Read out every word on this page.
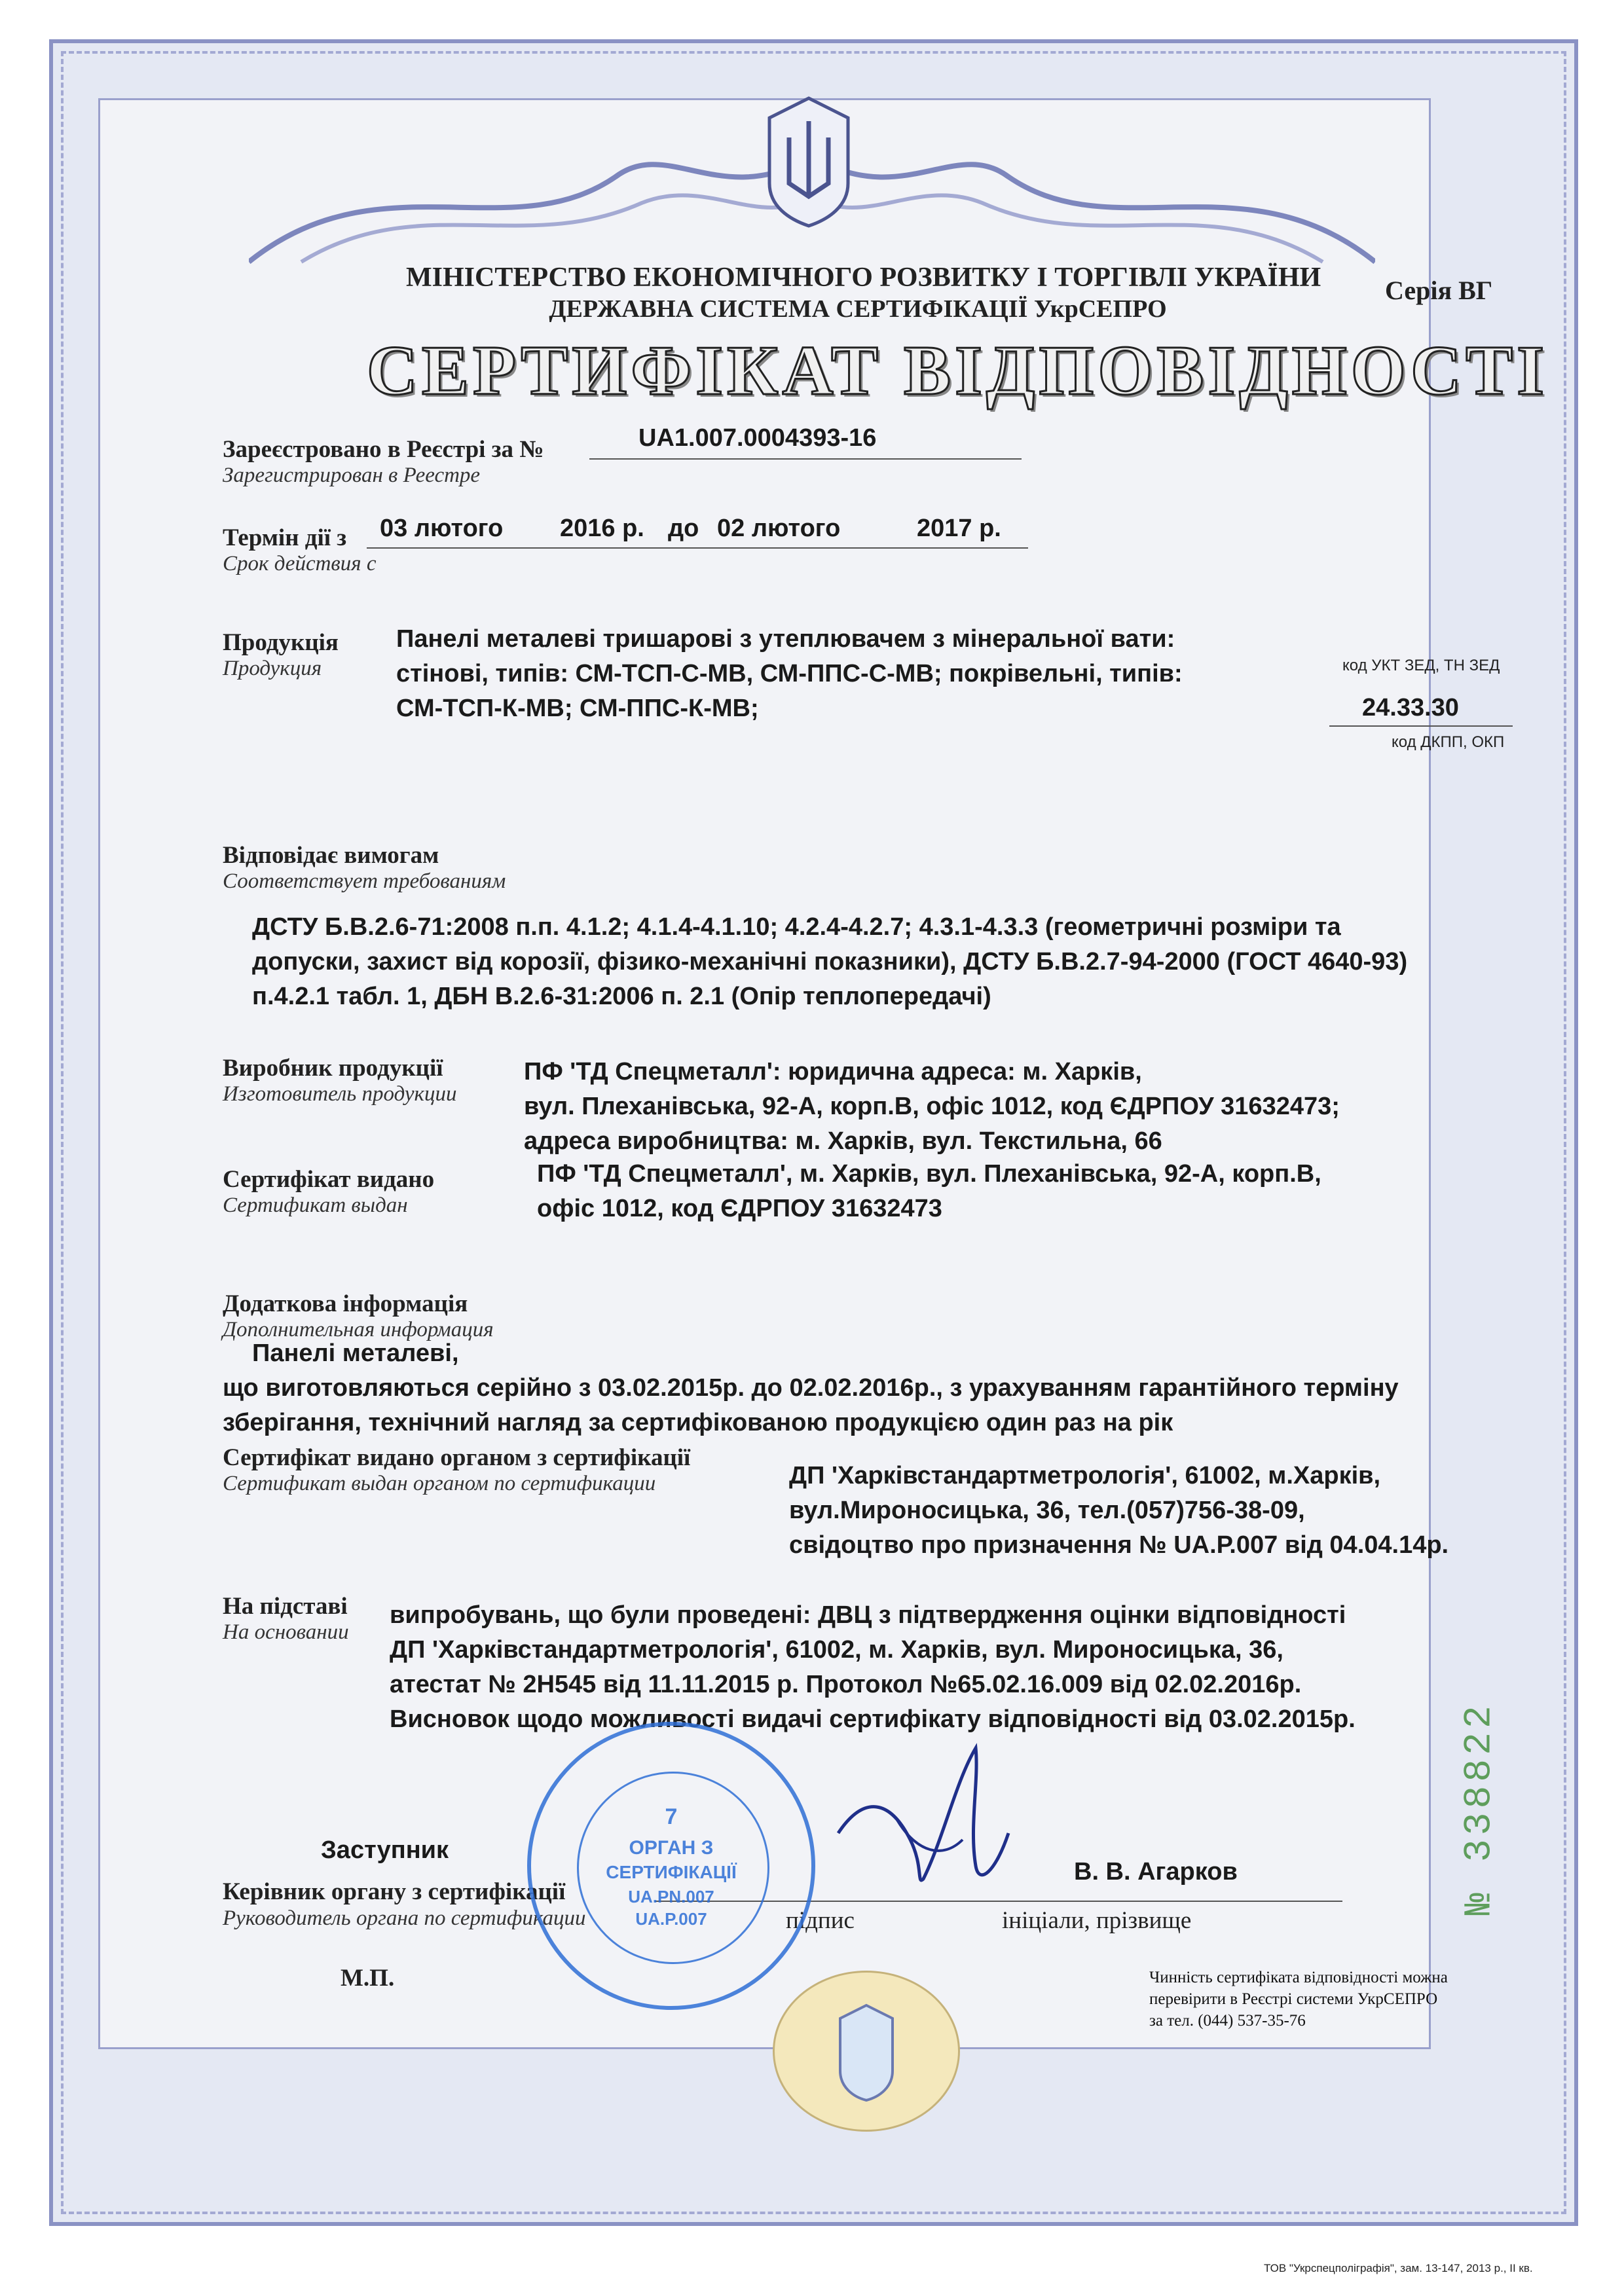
МІНІСТЕРСТВО ЕКОНОМІЧНОГО РОЗВИТКУ І ТОРГІВЛІ УКРАЇНИ
ДЕРЖАВНА СИСТЕМА СЕРТИФІКАЦІЇ УкрСЕПРО
Серія ВГ
СЕРТИФІКАТ ВІДПОВІДНОСТІ
Зареєстровано в Реєстрі за №
Зарегистрирован в Реестре
UA1.007.0004393-16
Термін дії з
Срок действия с
03 лютого 2016 р. до 02 лютого	2017 р.
Продукція
Продукция
Панелі металеві тришарові з утеплювачем з мінеральної вати:
стінові, типів: СМ-ТСП-С-МВ, СМ-ППС-С-МВ; покрівельні, типів:
СМ-ТСП-К-МВ; СМ-ППС-К-МВ;
код УКТ ЗЕД, ТН ЗЕД
24.33.30
код ДКПП, ОКП
Відповідає вимогам
Соответствует требованиям
ДСТУ Б.В.2.6-71:2008 п.п. 4.1.2; 4.1.4-4.1.10; 4.2.4-4.2.7; 4.3.1-4.3.3 (геометричні розміри та
допуски, захист від корозії, фізико-механічні показники), ДСТУ Б.В.2.7-94-2000 (ГОСТ 4640-93)
п.4.2.1 табл. 1, ДБН В.2.6-31:2006 п. 2.1 (Опір теплопередачі)
Виробник продукції
Изготовитель продукции
ПФ 'ТД Спецметалл': юридична адреса: м. Харків,
вул. Плеханівська, 92-А, корп.В, офіс 1012, код ЄДРПОУ 31632473;
адреса виробництва: м. Харків, вул. Текстильна, 66
Сертифікат видано
Сертификат выдан
ПФ 'ТД Спецметалл', м. Харків, вул. Плеханівська, 92-А, корп.В,
офіс 1012, код ЄДРПОУ 31632473
Додаткова інформація
Дополнительная информация
Панелі металеві,
що виготовляються серійно з 03.02.2015р. до 02.02.2016р., з урахуванням гарантійного терміну
зберігання, технічний нагляд за сертифікованою продукцією один раз на рік
Сертифікат видано органом з сертифікації
Сертификат выдан органом по сертификации	ДП 'Харківстандартметрологія', 61002, м.Харків,
вул.Мироносицька, 36, тел.(057)756-38-09,
свідоцтво про призначення № UA.Р.007 від 04.04.14р.
На підставі
На основании
випробувань, що були проведені: ДВЦ з підтвердження оцінки відповідності
ДП 'Харківстандартметрологія', 61002, м. Харків, вул. Мироносицька, 36,
атестат № 2Н545 від 11.11.2015 р. Протокол №65.02.16.009 від 02.02.2016р.
Висновок щодо можливості видачі сертифікату відповідності від 03.02.2015р.
Заступник
Керівник органу з сертифікації
Руководитель органа по сертификации
В. В. Агарков
підпис	ініціали, прізвище
М.П.
7
ОРГАН З
СЕРТИФІКАЦІЇ
UA.PN.007
UA.P.007
Чинність сертифіката відповідності можна
перевірити в Реєстрі системи УкрСЕПРО
за тел. (044) 537-35-76
№ 338822
ТОВ "Укрспецполіграфія", зам. 13-147, 2013 р., ІІ кв.
